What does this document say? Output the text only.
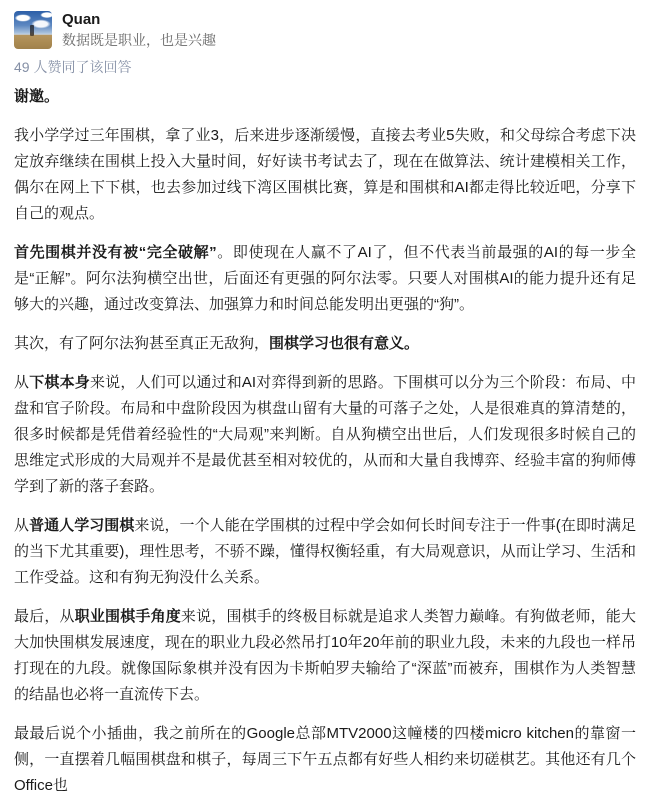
Quan
数据既是职业，也是兴趣
49 人赞同了该回答

谢邀。

我小学学过三年围棋，拿了业3，后来进步逐渐缓慢，直接去考业5失败，和父母综合考虑下决定放弃继续在围棋上投入大量时间，好好读书考试去了，现在在做算法、统计建模相关工作，偶尔在网上下下棋，也去参加过线下湾区围棋比赛，算是和围棋和AI都走得比较近吧，分享下自己的观点。

首先围棋并没有被“完全破解”。即使现在人赢不了AI了，但不代表当前最强的AI的每一步全是“正解”。阿尔法狗横空出世，后面还有更强的阿尔法零。只要人对围棋AI的能力提升还有足够大的兴趣，通过改变算法、加强算力和时间总能发明出更强的“狗”。

其次，有了阿尔法狗甚至真正无敌狗，围棋学习也很有意义。

从下棋本身来说，人们可以通过和AI对弈得到新的思路。下围棋可以分为三个阶段：布局、中盘和官子阶段。布局和中盘阶段因为棋盘山留有大量的可落子之处，人是很难真的算清楚的，很多时候都是凭借着经验性的“大局观”来判断。自从狗横空出世后，人们发现很多时候自己的思维定式形成的大局观并不是最优甚至相对较优的，从而和大量自我博弈、经验丰富的狗师傅学到了新的落子套路。

从普通人学习围棋来说，一个人能在学围棋的过程中学会如何长时间专注于一件事(在即时满足的当下尤其重要)，理性思考，不骄不躁，懂得权衡轻重，有大局观意识，从而让学习、生活和工作受益。这和有狗无狗没什么关系。

最后，从职业围棋手角度来说，围棋手的终极目标就是追求人类智力巅峰。有狗做老师，能大大加快围棋发展速度，现在的职业九段必然吊打10年20年前的职业九段，未来的九段也一样吊打现在的九段。就像国际象棋并没有因为卡斯帕罗夫输给了“深蓝”而被弃，围棋作为人类智慧的结晶也必将一直流传下去。

最最后说个小插曲，我之前所在的Google总部MTV2000这幢楼的四楼micro kitchen的靠窗一侧，一直摆着几幅围棋盘和棋子，每周三下午五点都有好些人相约来切磋棋艺。其他还有几个Office也
